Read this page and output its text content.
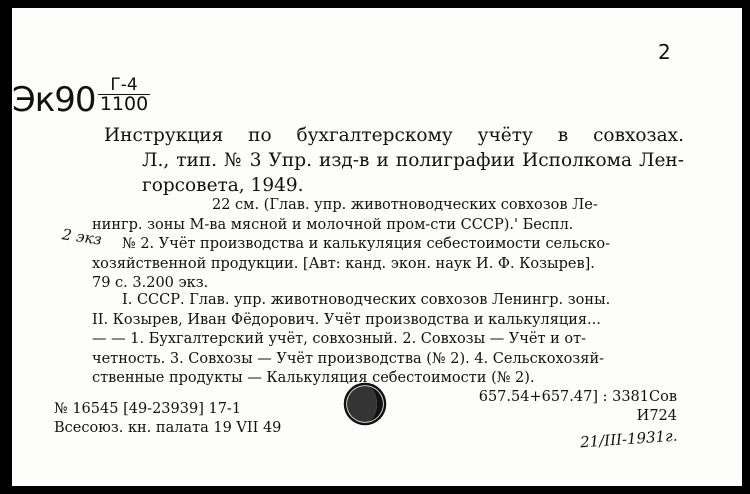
2
Эк90 Г-4
1100
Инструкция по бухгалтерскому учёту в совхозах.
Л., тип. № 3 Упр. изд-в и полиграфии Исполкома Лен-
горсовета, 1949.
2 экз
22 см. (Глав. упр. животноводческих совхозов Ле-
нингр. зоны М-ва мясной и молочной пром-сти СССР).' Беспл.
№ 2. Учёт производства и калькуляция себестоимости сельско-
хозяйственной продукции. [Авт: канд. экон. наук И. Ф. Козырев].
79 с. 3.200 экз.
I. СССР. Глав. упр. животноводческих совхозов Ленингр. зоны.
II. Козырев, Иван Фёдорович. Учёт производства и калькуляция...
— — 1. Бухгалтерский учёт, совхозный. 2. Совхозы — Учёт и от-
четность. 3. Совхозы — Учёт производства (№ 2). 4. Сельскохозяй-
ственные продукты — Калькуляция себестоимости (№ 2).
№ 16545 [49-23939] 17-1
Всесоюз. кн. палата 19 VII 49
657.54+657.47] : 3381Сов
И724
21/III-1931г.
